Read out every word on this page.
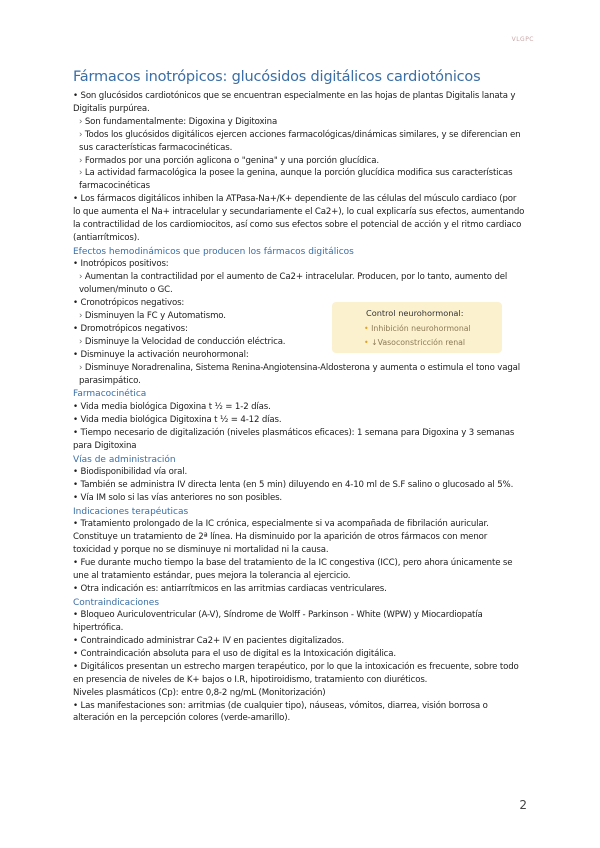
VLGPC
Fármacos inotrópicos: glucósidos digitálicos cardiotónicos
• Son glucósidos cardiotónicos que se encuentran especialmente en las hojas de plantas Digitalis lanata y Digitalis purpúrea.
› Son fundamentalmente: Digoxina y Digitoxina
› Todos los glucósidos digitálicos ejercen acciones farmacológicas/dinámicas similares, y se diferencian en sus características farmacocinéticas.
› Formados por una porción aglicona o "genina" y una porción glucídica.
› La actividad farmacológica la posee la genina, aunque la porción glucídica modifica sus características farmacocinéticas
• Los fármacos digitálicos inhiben la ATPasa-Na+/K+ dependiente de las células del músculo cardiaco (por lo que aumenta el Na+ intracelular y secundariamente el Ca2+), lo cual explicaría sus efectos, aumentando la contractilidad de los cardiomiocitos, así como sus efectos sobre el potencial de acción y el ritmo cardiaco (antiarrítmicos).
Efectos hemodinámicos que producen los fármacos digitálicos
• Inotrópicos positivos:
› Aumentan la contractilidad por el aumento de Ca2+ intracelular. Producen, por lo tanto, aumento del volumen/minuto o GC.
• Cronotrópicos negativos:
› Disminuyen la FC y Automatismo.
• Dromotrópicos negativos:
› Disminuye la Velocidad de conducción eléctrica.
• Disminuye la activación neurohormonal:
› Disminuye Noradrenalina, Sistema Renina-Angiotensina-Aldosterona y aumenta o estimula el tono vagal parasimpático.
Farmacocinética
• Vida media biológica Digoxina t ½ = 1-2 días.
• Vida media biológica Digitoxina t ½ = 4-12 días.
• Tiempo necesario de digitalización (niveles plasmáticos eficaces): 1 semana para Digoxina y 3 semanas para Digitoxina
Vías de administración
• Biodisponibilidad vía oral.
• También se administra IV directa lenta (en 5 min) diluyendo en 4-10 ml de S.F salino o glucosado al 5%.
• Vía IM solo si las vías anteriores no son posibles.
Indicaciones terapéuticas
• Tratamiento prolongado de la IC crónica, especialmente si va acompañada de fibrilación auricular. Constituye un tratamiento de 2ª línea. Ha disminuido por la aparición de otros fármacos con menor toxicidad y porque no se disminuye ni mortalidad ni la causa.
• Fue durante mucho tiempo la base del tratamiento de la IC congestiva (ICC), pero ahora únicamente se une al tratamiento estándar, pues mejora la tolerancia al ejercicio.
• Otra indicación es: antiarrítmicos en las arritmias cardiacas ventriculares.
Contraindicaciones
• Bloqueo Auriculoventricular (A-V), Síndrome de Wolff - Parkinson - White (WPW) y Miocardiopatía hipertrófica.
• Contraindicado administrar Ca2+ IV en pacientes digitalizados.
• Contraindicación absoluta para el uso de digital es la Intoxicación digitálica.
• Digitálicos presentan un estrecho margen terapéutico, por lo que la intoxicación es frecuente, sobre todo en presencia de niveles de K+ bajos o I.R, hipotiroidismo, tratamiento con diuréticos.
Niveles plasmáticos (Cp): entre 0,8-2 ng/mL (Monitorización)
• Las manifestaciones son: arritmias (de cualquier tipo), náuseas, vómitos, diarrea, visión borrosa o alteración en la percepción colores (verde-amarillo).
Control neurohormonal:
• Inhibición neurohormonal
• ↓Vasoconstricción renal
2
